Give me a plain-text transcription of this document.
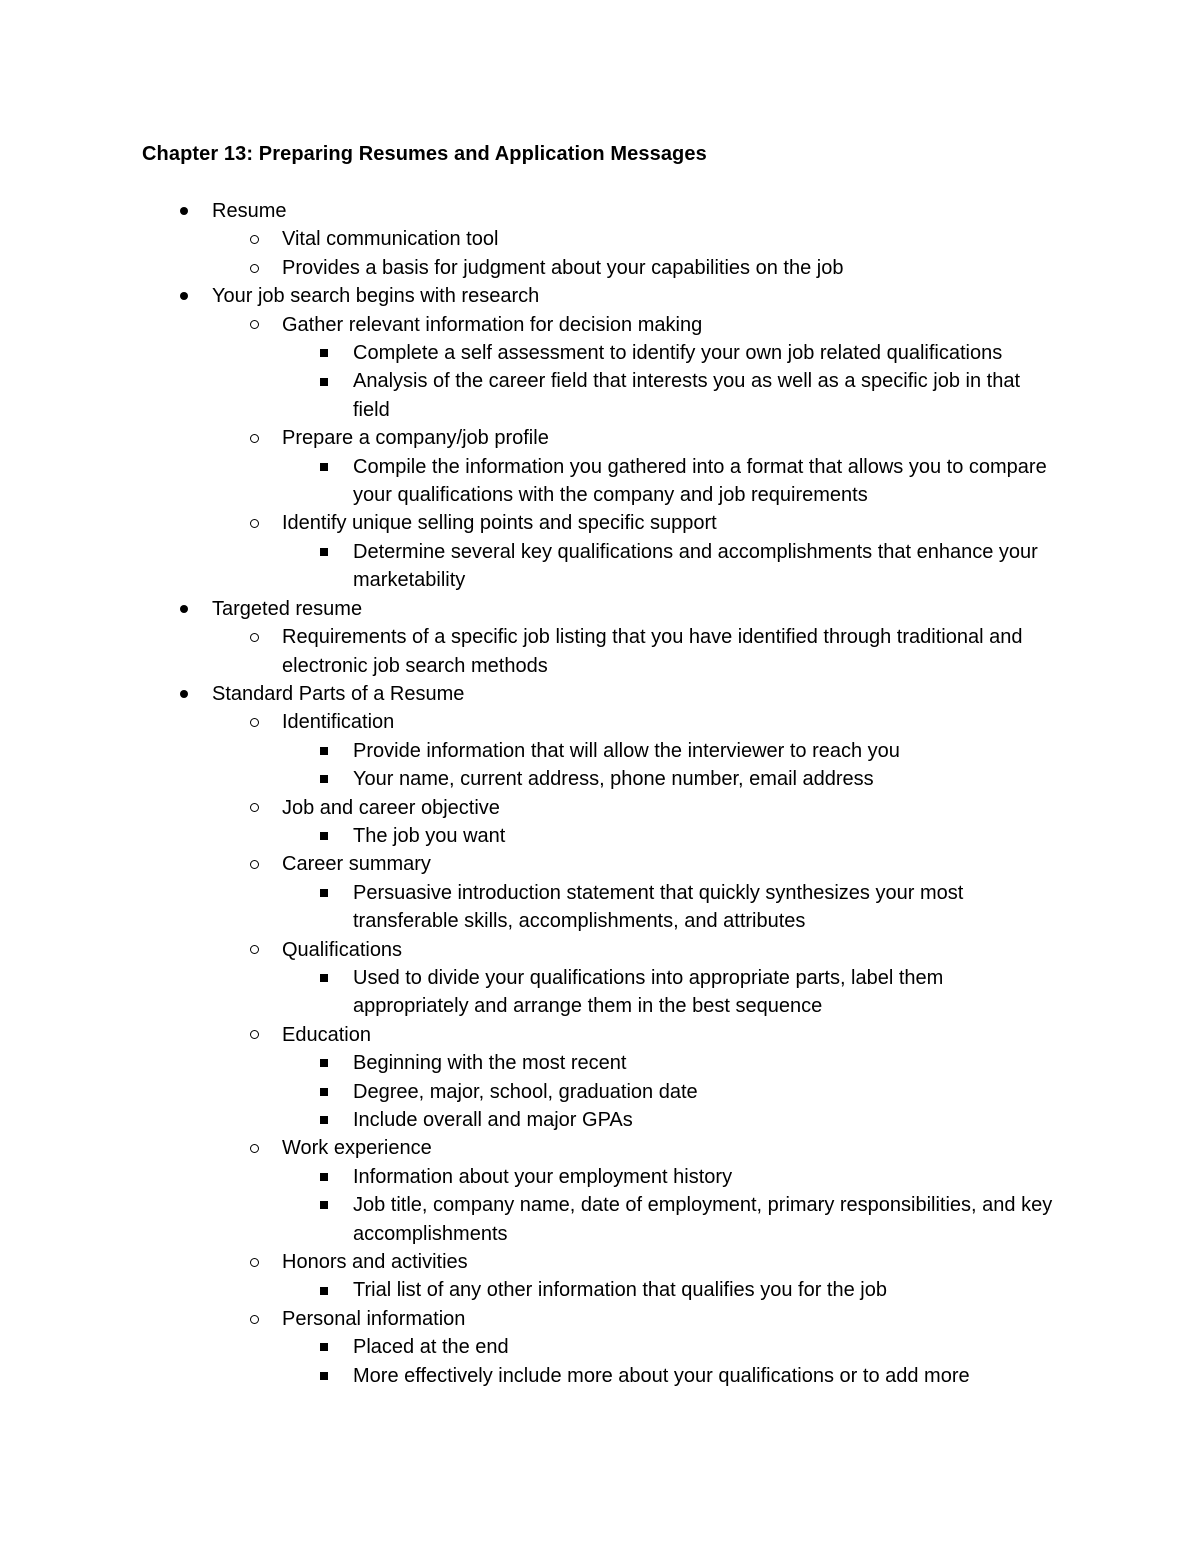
Chapter 13: Preparing Resumes and Application Messages
Resume
Vital communication tool
Provides a basis for judgment about your capabilities on the job
Your job search begins with research
Gather relevant information for decision making
Complete a self assessment to identify your own job related qualifications
Analysis of the career field that interests you as well as a specific job in that field
Prepare a company/job profile
Compile the information you gathered into a format that allows you to compare your qualifications with the company and job requirements
Identify unique selling points and specific support
Determine several key qualifications and accomplishments that enhance your marketability
Targeted resume
Requirements of a specific job listing that you have identified through traditional and electronic job search methods
Standard Parts of a Resume
Identification
Provide information that will allow the interviewer to reach you
Your name, current address, phone number, email address
Job and career objective
The job you want
Career summary
Persuasive introduction statement that quickly synthesizes your most transferable skills, accomplishments, and attributes
Qualifications
Used to divide your qualifications into appropriate parts, label them appropriately and arrange them in the best sequence
Education
Beginning with the most recent
Degree, major, school, graduation date
Include overall and major GPAs
Work experience
Information about your employment history
Job title, company name, date of employment, primary responsibilities, and key accomplishments
Honors and activities
Trial list of any other information that qualifies you for the job
Personal information
Placed at the end
More effectively include more about your qualifications or to add more
